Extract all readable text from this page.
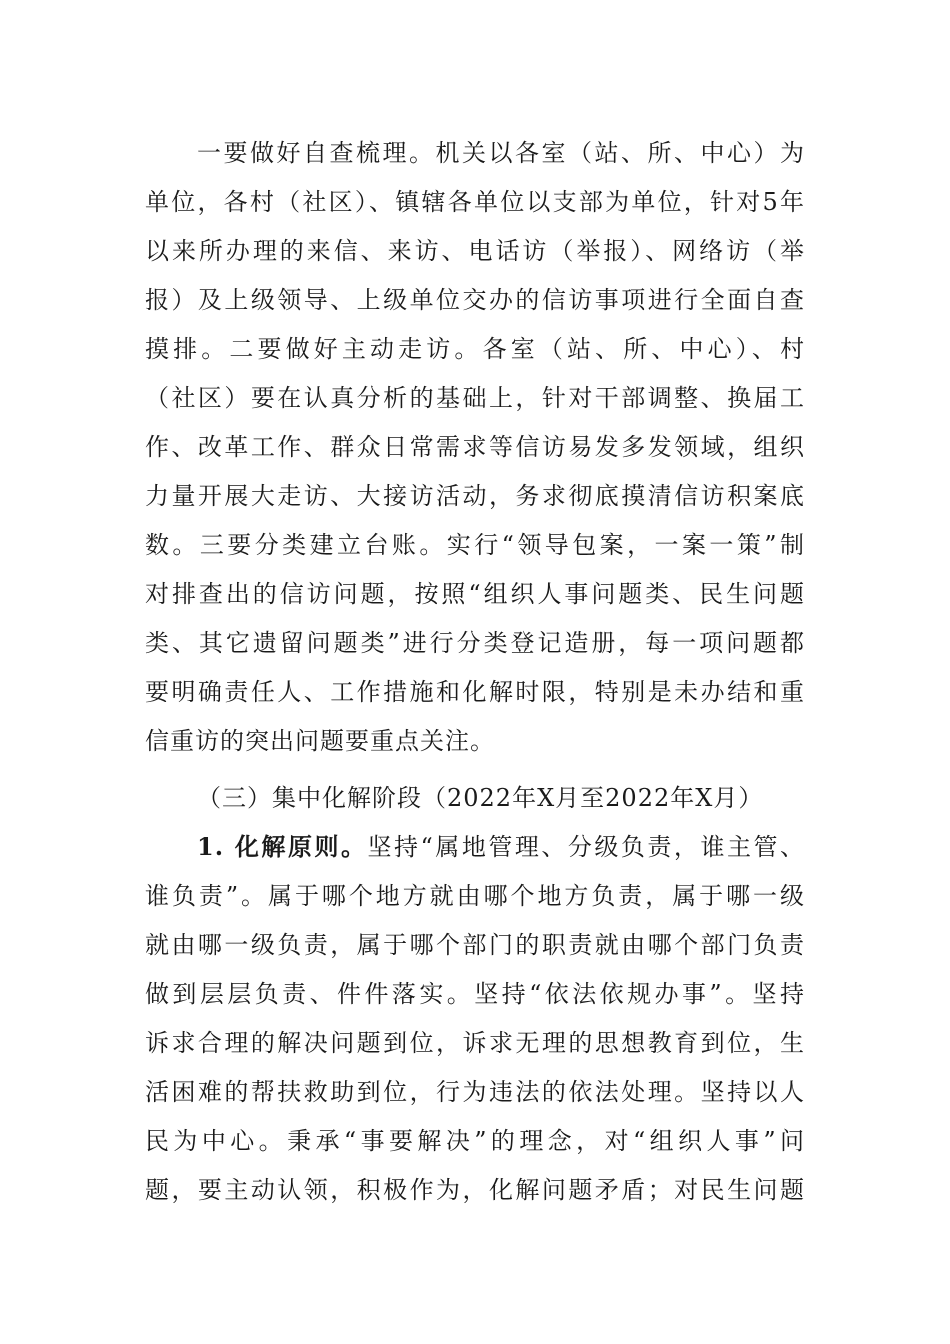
一要做好自查梳理。机关以各室（站、所、中心）为
单位，各村（社区）、镇辖各单位以支部为单位，针对5年
以来所办理的来信、来访、电话访（举报）、网络访（举
报）及上级领导、上级单位交办的信访事项进行全面自查
摸排。二要做好主动走访。各室（站、所、中心）、村
（社区）要在认真分析的基础上，针对干部调整、换届工
作、改革工作、群众日常需求等信访易发多发领域，组织
力量开展大走访、大接访活动，务求彻底摸清信访积案底
数。三要分类建立台账。实行“领导包案，一案一策”制
对排查出的信访问题，按照“组织人事问题类、民生问题
类、其它遗留问题类”进行分类登记造册，每一项问题都
要明确责任人、工作措施和化解时限，特别是未办结和重
信重访的突出问题要重点关注。
（三）集中化解阶段（2022年X月至2022年X月）
1. 化解原则。坚持“属地管理、分级负责，谁主管、
谁负责”。属于哪个地方就由哪个地方负责，属于哪一级
就由哪一级负责，属于哪个部门的职责就由哪个部门负责
做到层层负责、件件落实。坚持“依法依规办事”。坚持
诉求合理的解决问题到位，诉求无理的思想教育到位，生
活困难的帮扶救助到位，行为违法的依法处理。坚持以人
民为中心。秉承“事要解决”的理念，对“组织人事”问
题，要主动认领，积极作为，化解问题矛盾；对民生问题
